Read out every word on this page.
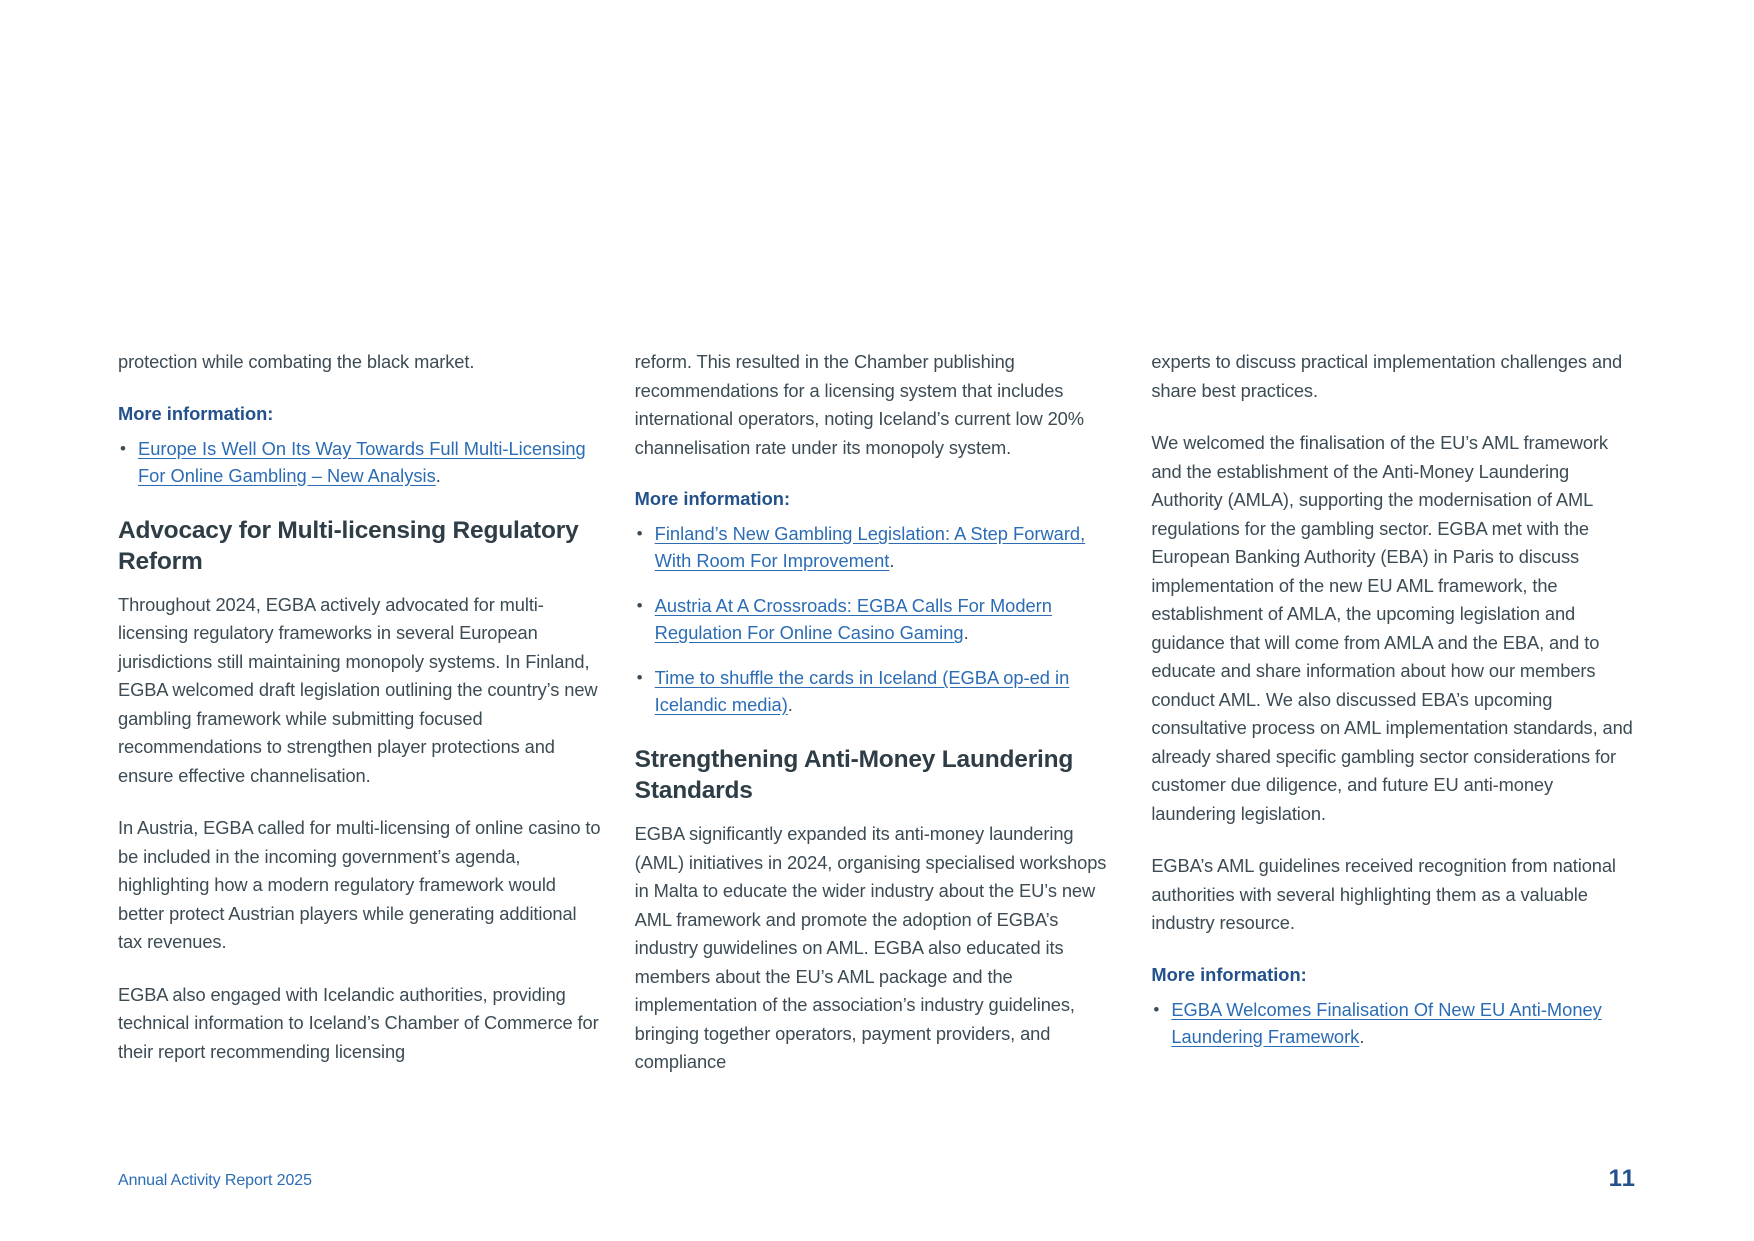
protection while combating the black market.

More information:
• Europe Is Well On Its Way Towards Full Multi-Licensing For Online Gambling – New Analysis.
Advocacy for Multi-licensing Regulatory Reform

Throughout 2024, EGBA actively advocated for multi-licensing regulatory frameworks in several European jurisdictions still maintaining monopoly systems. In Finland, EGBA welcomed draft legislation outlining the country’s new gambling framework while submitting focused recommendations to strengthen player protections and ensure effective channelisation.

In Austria, EGBA called for multi-licensing of online casino to be included in the incoming government’s agenda, highlighting how a modern regulatory framework would better protect Austrian players while generating additional tax revenues.

EGBA also engaged with Icelandic authorities, providing technical information to Iceland’s Chamber of Commerce for their report recommending licensing

reform. This resulted in the Chamber publishing recommendations for a licensing system that includes international operators, noting Iceland’s current low 20% channelisation rate under its monopoly system.

More information:
• Finland’s New Gambling Legislation: A Step Forward, With Room For Improvement.
• Austria At A Crossroads: EGBA Calls For Modern Regulation For Online Casino Gaming.
• Time to shuffle the cards in Iceland (EGBA op-ed in Icelandic media).
Strengthening Anti-Money Laundering Standards

EGBA significantly expanded its anti-money laundering (AML) initiatives in 2024, organising specialised workshops in Malta to educate the wider industry about the EU’s new AML framework and promote the adoption of EGBA’s industry guwidelines on AML. EGBA also educated its members about the EU’s AML package and the implementation of the association’s industry guidelines, bringing together operators, payment providers, and compliance

experts to discuss practical implementation challenges and share best practices.

We welcomed the finalisation of the EU’s AML framework and the establishment of the Anti-Money Laundering Authority (AMLA), supporting the modernisation of AML regulations for the gambling sector. EGBA met with the European Banking Authority (EBA) in Paris to discuss implementation of the new EU AML framework, the establishment of AMLA, the upcoming legislation and guidance that will come from AMLA and the EBA, and to educate and share information about how our members conduct AML. We also discussed EBA’s upcoming consultative process on AML implementation standards, and already shared specific gambling sector considerations for customer due diligence, and future EU anti-money laundering legislation.

EGBA’s AML guidelines received recognition from national authorities with several highlighting them as a valuable industry resource.

More information:
• EGBA Welcomes Finalisation Of New EU Anti-Money Laundering Framework.
Annual Activity Report 2025	11
